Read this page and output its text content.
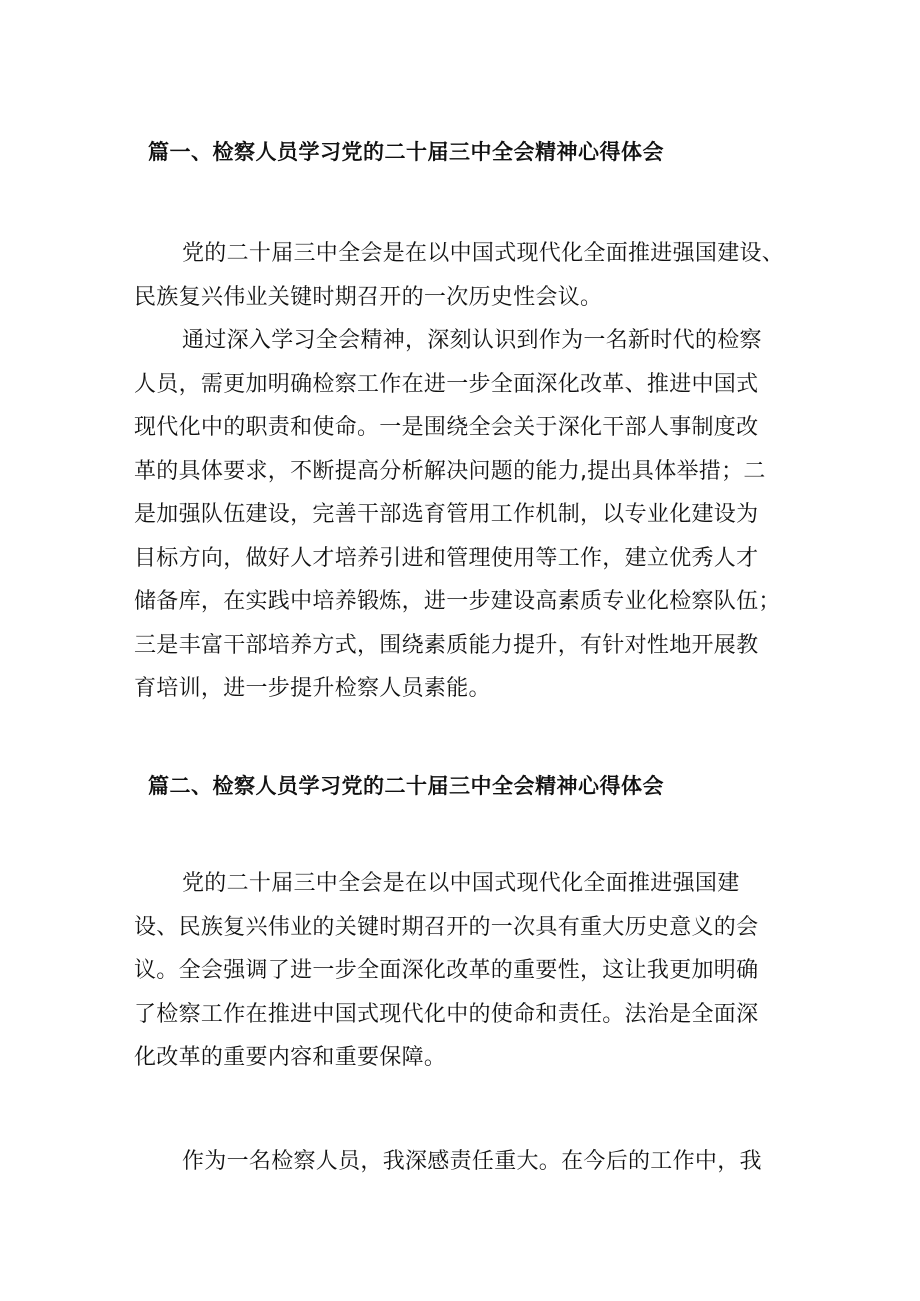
篇一、检察人员学习党的二十届三中全会精神心得体会

党的二十届三中全会是在以中国式现代化全面推进强国建设、
民族复兴伟业关键时期召开的一次历史性会议。

通过深入学习全会精神，深刻认识到作为一名新时代的检察
人员，需更加明确检察工作在进一步全面深化改革、推进中国式
现代化中的职责和使命。一是围绕全会关于深化干部人事制度改
革的具体要求，不断提高分析解决问题的能力,提出具体举措；二
是加强队伍建设，完善干部选育管用工作机制，以专业化建设为
目标方向，做好人才培养引进和管理使用等工作，建立优秀人才
储备库，在实践中培养锻炼，进一步建设高素质专业化检察队伍；
三是丰富干部培养方式，围绕素质能力提升，有针对性地开展教
育培训，进一步提升检察人员素能。

篇二、检察人员学习党的二十届三中全会精神心得体会

党的二十届三中全会是在以中国式现代化全面推进强国建
设、民族复兴伟业的关键时期召开的一次具有重大历史意义的会
议。全会强调了进一步全面深化改革的重要性，这让我更加明确
了检察工作在推进中国式现代化中的使命和责任。法治是全面深
化改革的重要内容和重要保障。

作为一名检察人员，我深感责任重大。在今后的工作中，我
